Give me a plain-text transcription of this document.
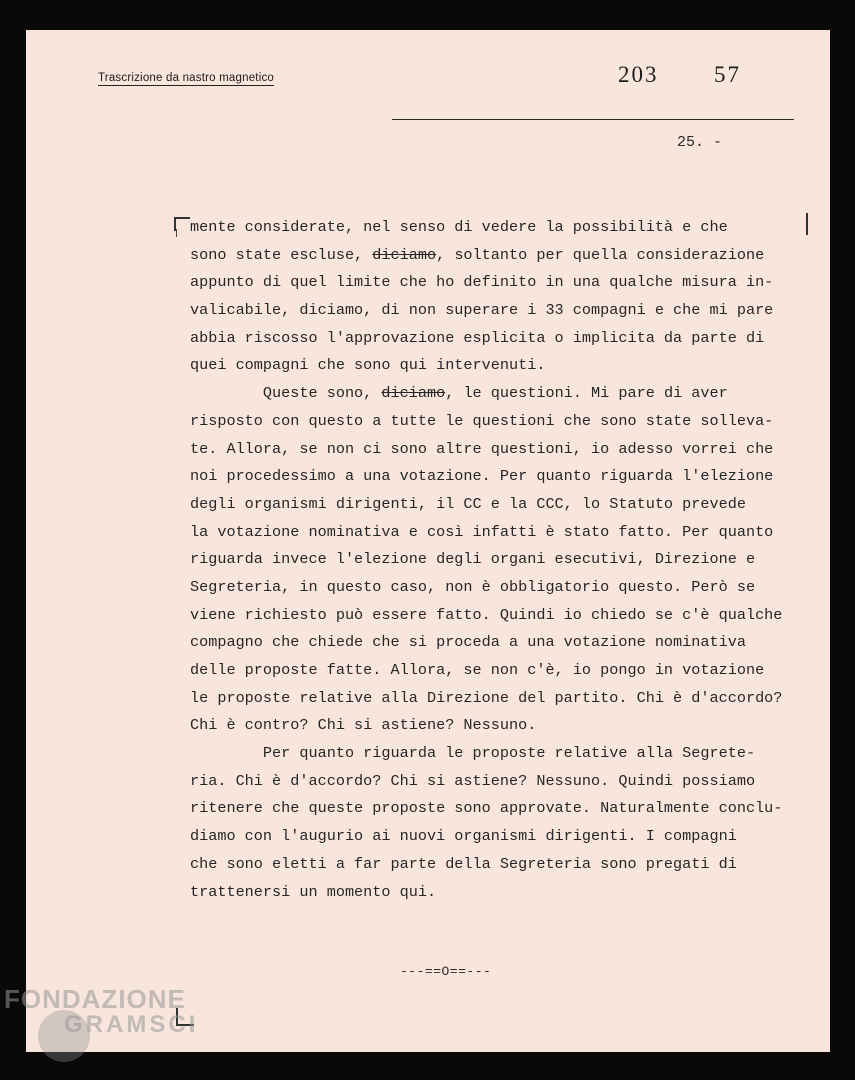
Trascrizione da nastro magnetico	203 57
25. -
mente considerate, nel senso di vedere la possibilità e che
sono state escluse, diciamo, soltanto per quella considerazione
appunto di quel limite che ho definito in una qualche misura in-
valicabile, diciamo, di non superare i 33 compagni e che mi pare
abbia riscosso l'approvazione esplicita o implicita da parte di
quei compagni che sono qui intervenuti.
Queste sono, diciamo, le questioni. Mi pare di aver
risposto con questo a tutte le questioni che sono state solleva-
te. Allora, se non ci sono altre questioni, io adesso vorrei che
noi procedessimo a una votazione. Per quanto riguarda l'elezione
degli organismi dirigenti, il CC e la CCC, lo Statuto prevede
la votazione nominativa e così infatti è stato fatto. Per quanto
riguarda invece l'elezione degli organi esecutivi, Direzione e
Segreteria, in questo caso, non è obbligatorio questo. Però se
viene richiesto può essere fatto. Quindi io chiedo se c'è qualche
compagno che chiede che si proceda a una votazione nominativa
delle proposte fatte. Allora, se non c'è, io pongo in votazione
le proposte relative alla Direzione del partito. Chi è d'accordo?
Chi è contro? Chi si astiene? Nessuno.
Per quanto riguarda le proposte relative alla Segrete-
ria. Chi è d'accordo? Chi si astiene? Nessuno. Quindi possiamo
ritenere che queste proposte sono approvate. Naturalmente conclu-
diamo con l'augurio ai nuovi organismi dirigenti. I compagni
che sono eletti a far parte della Segreteria sono pregati di
trattenersi un momento qui.
---==O==---
FONDAZIONE
GRAMSCI
